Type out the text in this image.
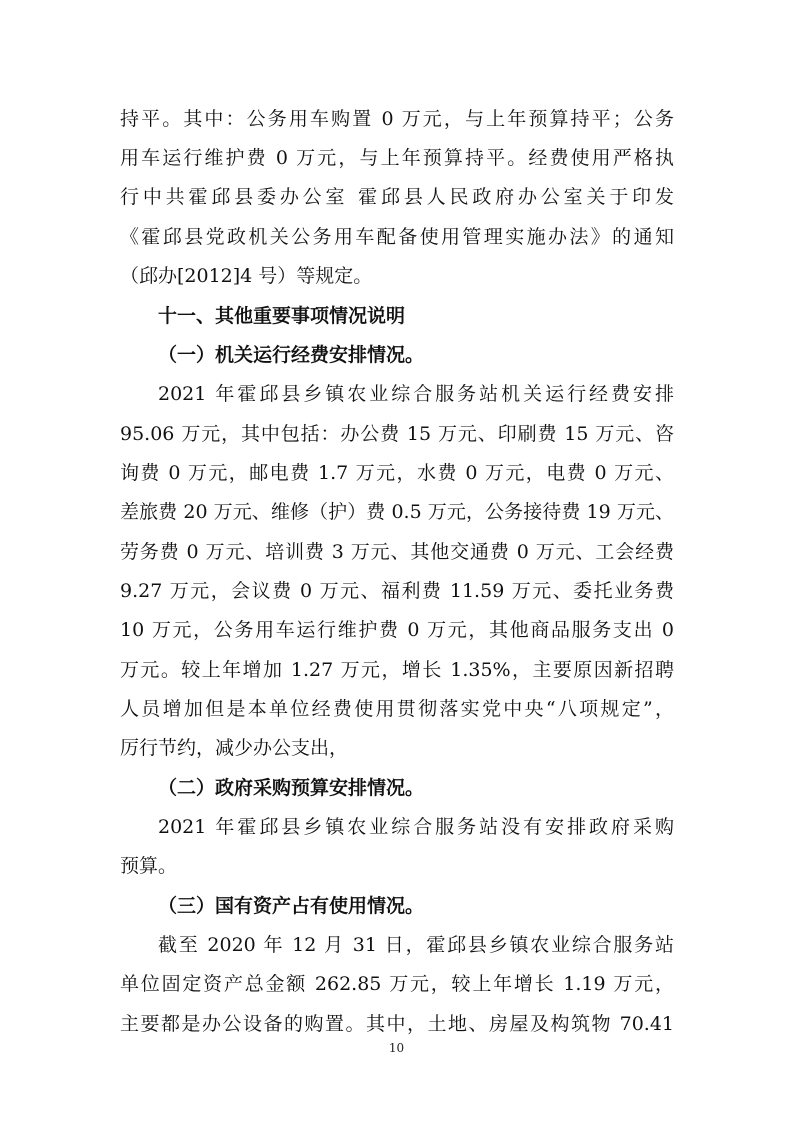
持平。其中：公务用车购置 0 万元，与上年预算持平；公务
用车运行维护费 0 万元，与上年预算持平。经费使用严格执
行中共霍邱县委办公室 霍邱县人民政府办公室关于印发
《霍邱县党政机关公务用车配备使用管理实施办法》的通知
（邱办[2012]4 号）等规定。
十一、其他重要事项情况说明
（一）机关运行经费安排情况。
2021 年霍邱县乡镇农业综合服务站机关运行经费安排
95.06 万元，其中包括：办公费 15 万元、印刷费 15 万元、咨
询费 0 万元，邮电费 1.7 万元，水费 0 万元，电费 0 万元、
差旅费 20 万元、维修（护）费 0.5 万元，公务接待费 19 万元、
劳务费 0 万元、培训费 3 万元、其他交通费 0 万元、工会经费
9.27 万元，会议费 0 万元、福利费 11.59 万元、委托业务费
10 万元，公务用车运行维护费 0 万元，其他商品服务支出 0
万元。较上年增加 1.27 万元，增长 1.35%，主要原因新招聘
人员增加但是本单位经费使用贯彻落实党中央“八项规定”，
厉行节约，减少办公支出，
（二）政府采购预算安排情况。
2021 年霍邱县乡镇农业综合服务站没有安排政府采购
预算。
（三）国有资产占有使用情况。
截至 2020 年 12 月 31 日，霍邱县乡镇农业综合服务站
单位固定资产总金额 262.85 万元，较上年增长 1.19 万元，
主要都是办公设备的购置。其中，土地、房屋及构筑物 70.41
10
